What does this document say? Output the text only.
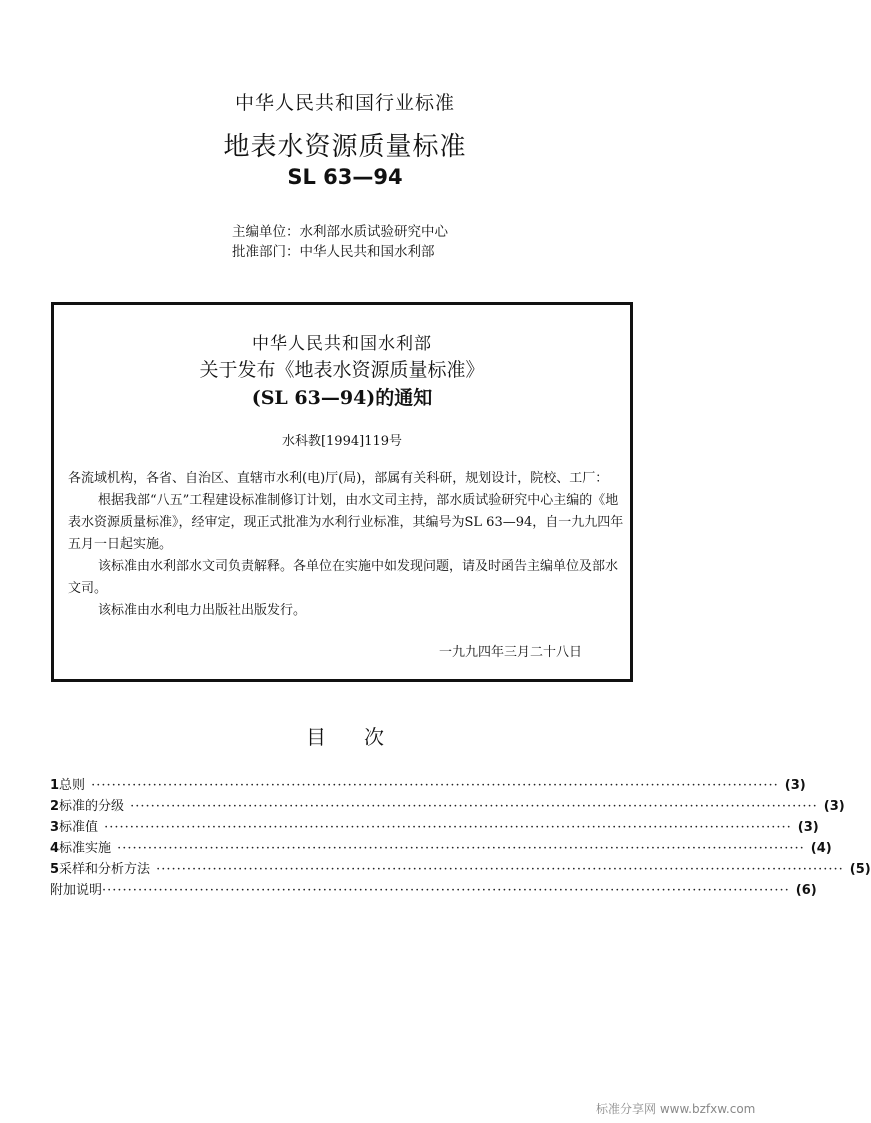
中华人民共和国行业标准
地表水资源质量标准
SL 63—94
主编单位：水利部水质试验研究中心
批准部门：中华人民共和国水利部
中华人民共和国水利部
关于发布《地表水资源质量标准》
(SL 63—94)的通知
水科教[1994]119号
各流域机构，各省、自治区、直辖市水利(电)厅(局)，部属有关科研，规划设计，院校、工厂：
根据我部“八五”工程建设标准制修订计划，由水文司主持，部水质试验研究中心主编的《地表水资源质量标准》，经审定，现正式批准为水利行业标准，其编号为SL 63—94，自一九九四年五月一日起实施。
该标准由水利部水文司负责解释。各单位在实施中如发现问题，请及时函告主编单位及部水文司。
该标准由水利电力出版社出版发行。
一九九四年三月二十八日
目次
1 总则 ······································································································································ (3)
2 标准的分级 ······································································································································ (3)
3 标准值 ······································································································································ (3)
4 标准实施 ······································································································································ (4)
5 采样和分析方法 ······································································································································ (5)
附加说明 ······································································································································ (6)
标准分享网 www.bzfxw.com
